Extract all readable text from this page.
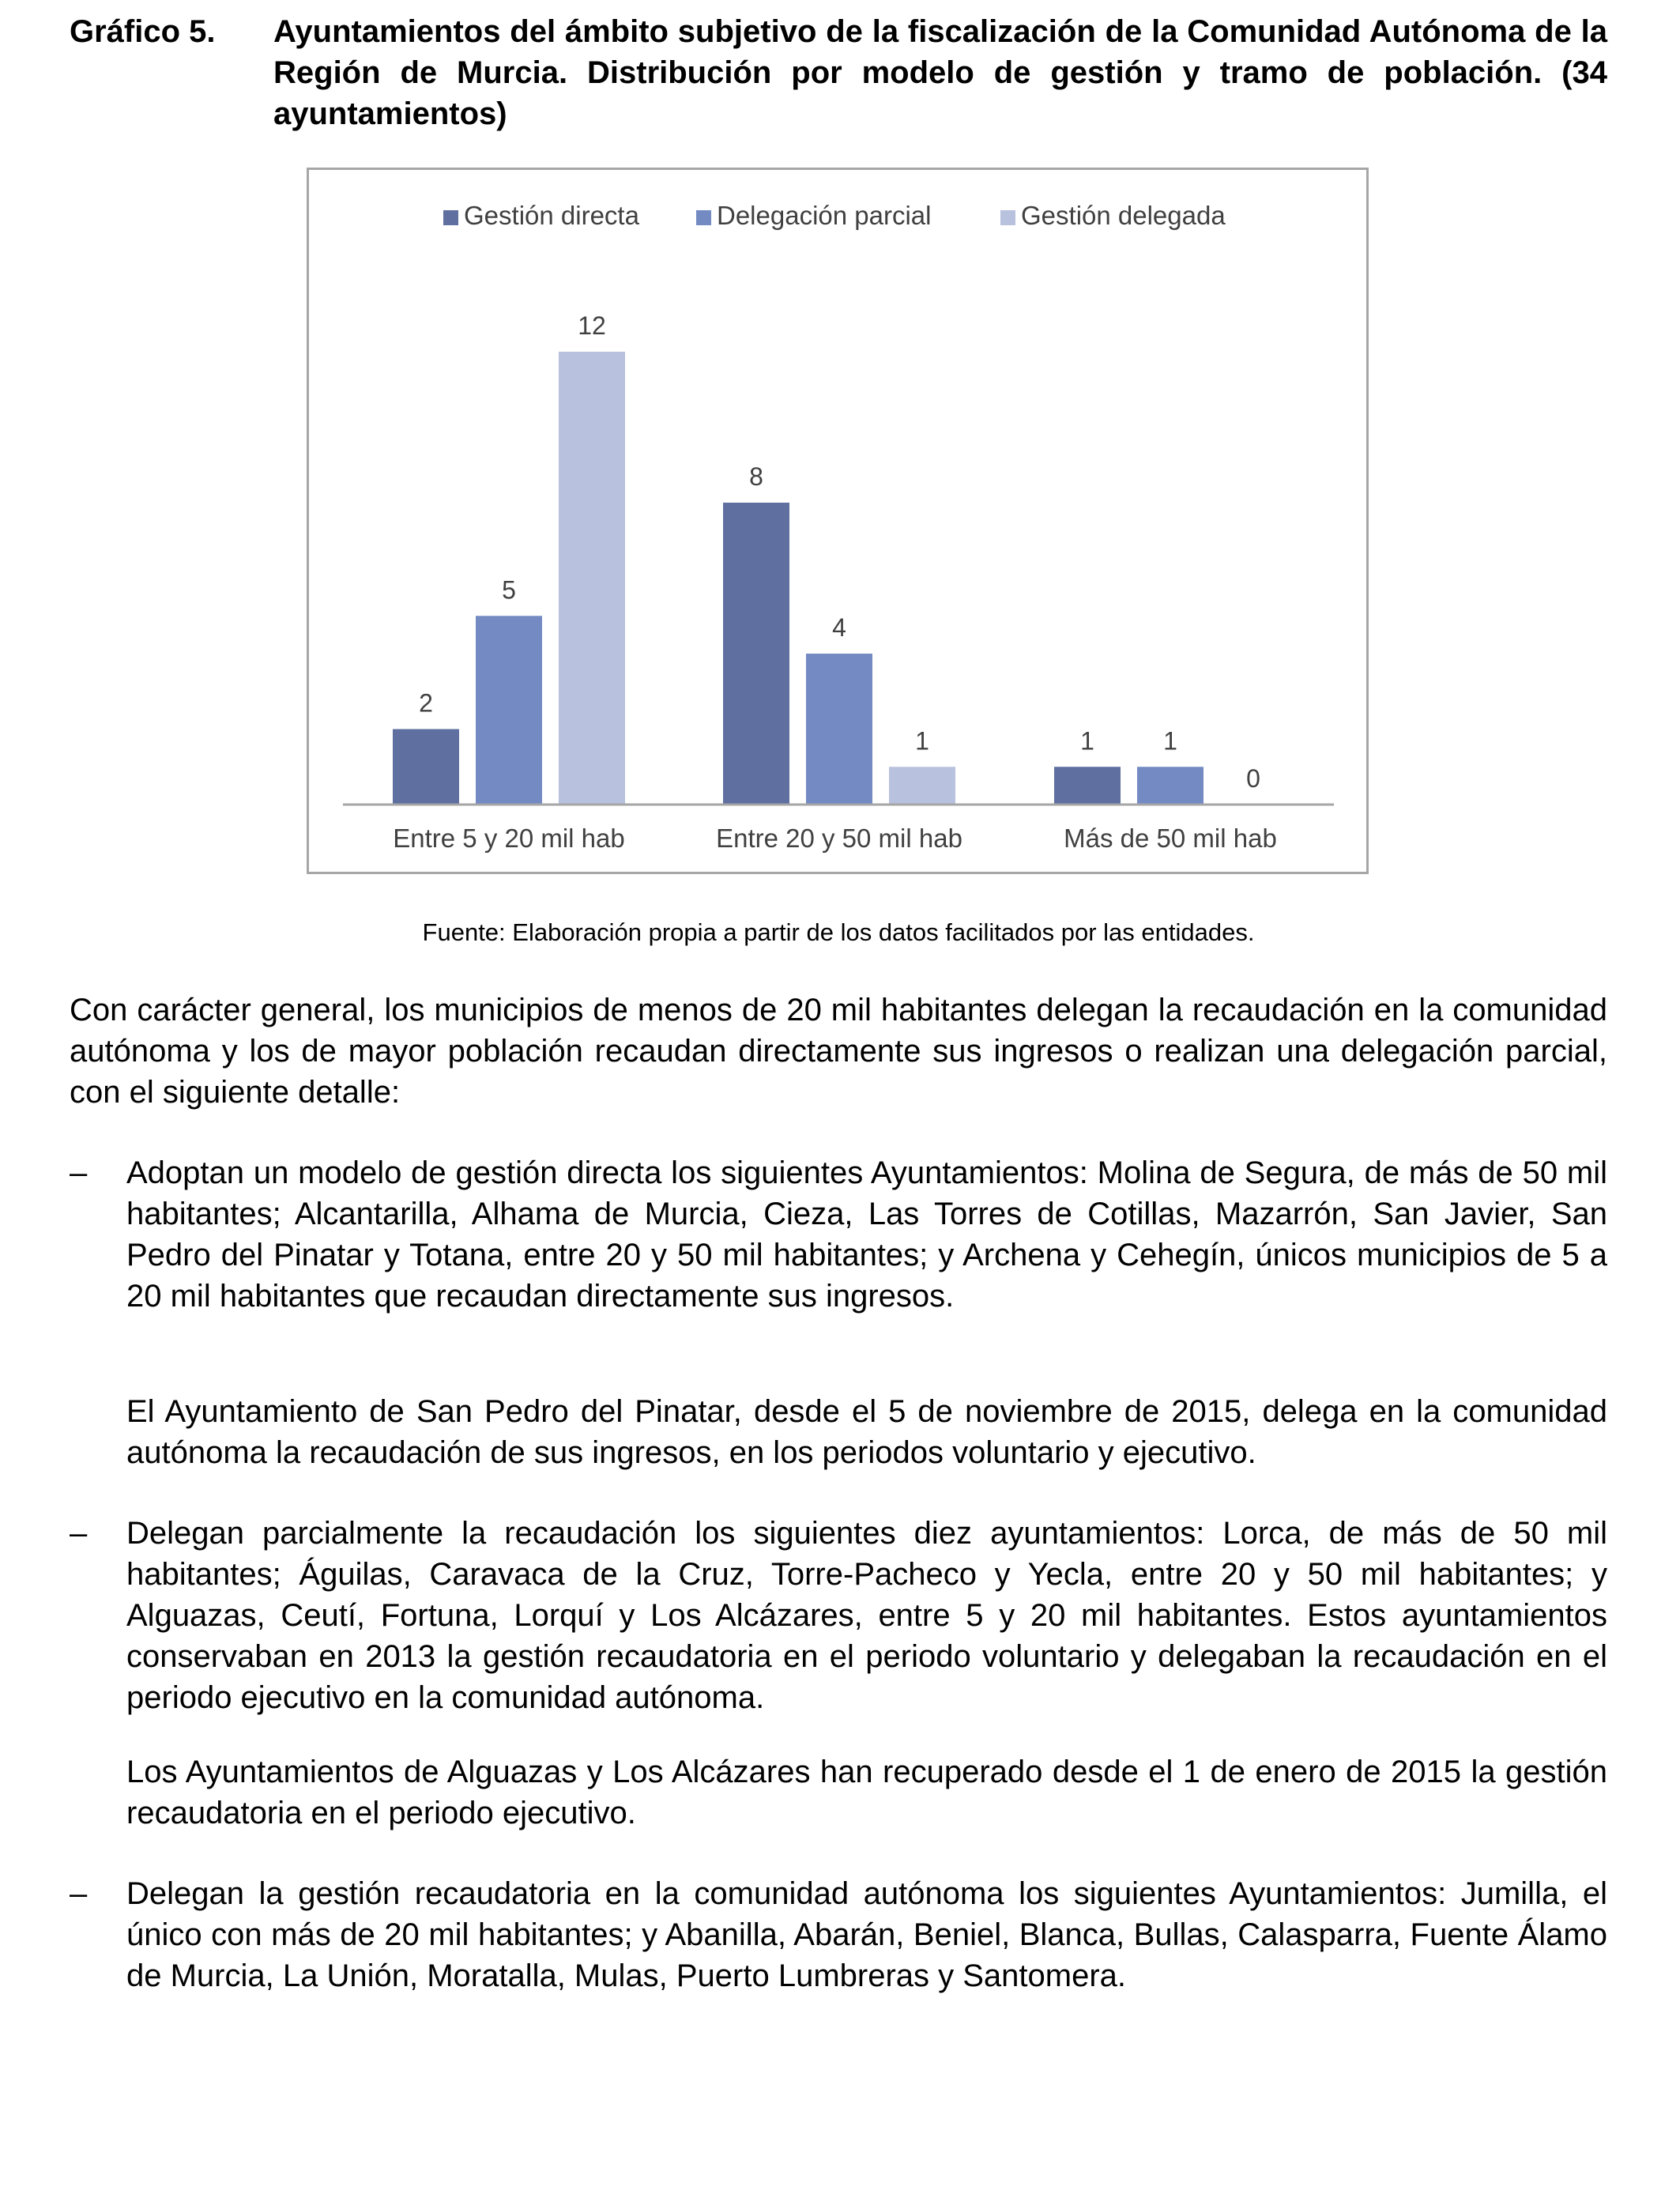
Gráfico 5. Ayuntamientos del ámbito subjetivo de la fiscalización de la Comunidad Autónoma de la Región de Murcia. Distribución por modelo de gestión y tramo de población. (34 ayuntamientos)
Gestión directa	Delegación parcial	Gestión delegada
2
8
1
5
4
1
12
1
0
Entre 5 y 20 mil hab	Entre 20 y 50 mil hab	Más de 50 mil hab
Fuente: Elaboración propia a partir de los datos facilitados por las entidades.
Con carácter general, los municipios de menos de 20 mil habitantes delegan la recaudación en la comunidad autónoma y los de mayor población recaudan directamente sus ingresos o realizan una delegación parcial, con el siguiente detalle:
– Adoptan un modelo de gestión directa los siguientes Ayuntamientos: Molina de Segura, de más de 50 mil habitantes; Alcantarilla, Alhama de Murcia, Cieza, Las Torres de Cotillas, Mazarrón, San Javier, San Pedro del Pinatar y Totana, entre 20 y 50 mil habitantes; y Archena y Cehegín, únicos municipios de 5 a 20 mil habitantes que recaudan directamente sus ingresos.
El Ayuntamiento de San Pedro del Pinatar, desde el 5 de noviembre de 2015, delega en la comunidad autónoma la recaudación de sus ingresos, en los periodos voluntario y ejecutivo.
– Delegan parcialmente la recaudación los siguientes diez ayuntamientos: Lorca, de más de 50 mil habitantes; Águilas, Caravaca de la Cruz, Torre-Pacheco y Yecla, entre 20 y 50 mil habitantes; y Alguazas, Ceutí, Fortuna, Lorquí y Los Alcázares, entre 5 y 20 mil habitantes. Estos ayuntamientos conservaban en 2013 la gestión recaudatoria en el periodo voluntario y delegaban la recaudación en el periodo ejecutivo en la comunidad autónoma.
Los Ayuntamientos de Alguazas y Los Alcázares han recuperado desde el 1 de enero de 2015 la gestión recaudatoria en el periodo ejecutivo.
– Delegan la gestión recaudatoria en la comunidad autónoma los siguientes Ayuntamientos: Jumilla, el único con más de 20 mil habitantes; y Abanilla, Abarán, Beniel, Blanca, Bullas, Calasparra, Fuente Álamo de Murcia, La Unión, Moratalla, Mulas, Puerto Lumbreras y Santomera.
